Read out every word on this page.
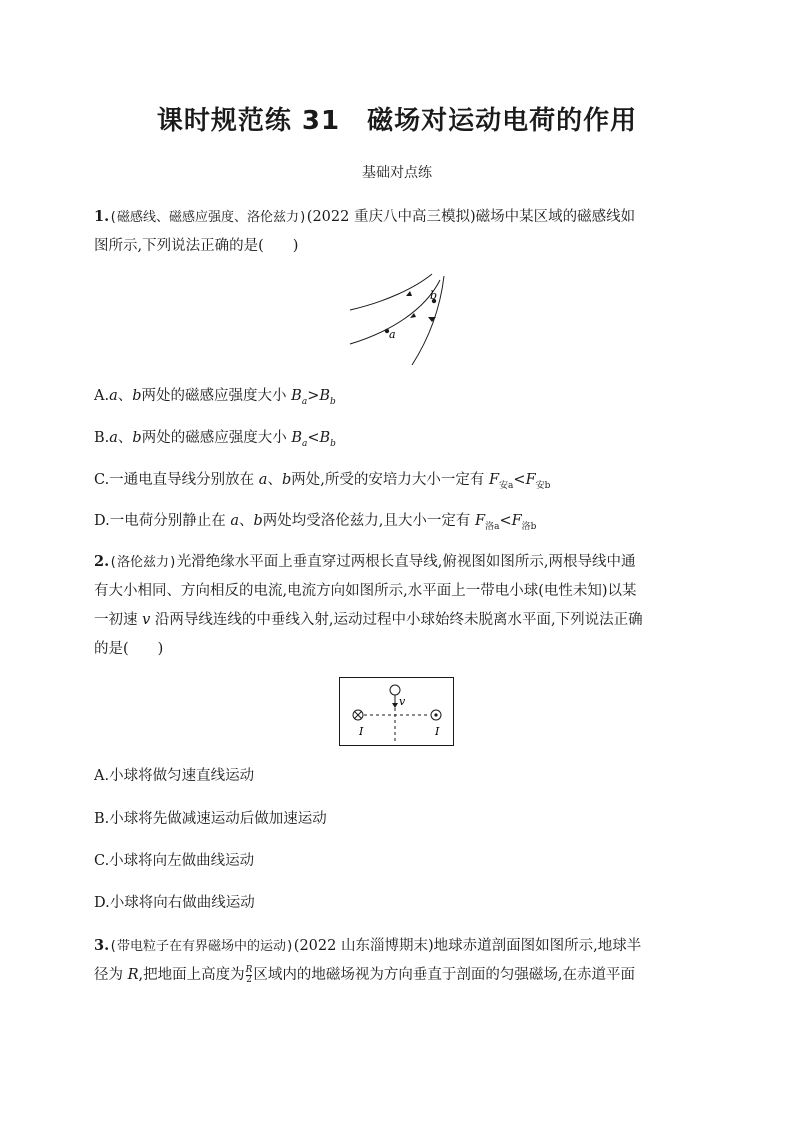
课时规范练 31　磁场对运动电荷的作用
基础对点练
1.(磁感线、磁感应强度、洛伦兹力)(2022 重庆八中高三模拟)磁场中某区域的磁感线如
图所示,下列说法正确的是(　　)
a
b
A.a、b两处的磁感应强度大小 $B_a>B_b$
B.a、b两处的磁感应强度大小 $B_a<B_b$
C.一通电直导线分别放在 a、b两处,所受的安培力大小一定有 $F_{安a}<F_{安b}$
D.一电荷分别静止在 a、b两处均受洛伦兹力,且大小一定有 $F_{洛a}<F_{洛b}$
2.(洛伦兹力)光滑绝缘水平面上垂直穿过两根长直导线,俯视图如图所示,两根导线中通
有大小相同、方向相反的电流,电流方向如图所示,水平面上一带电小球(电性未知)以某
一初速 v 沿两导线连线的中垂线入射,运动过程中小球始终未脱离水平面,下列说法正确
的是(　　)
v
I	I
A.小球将做匀速直线运动
B.小球将先做减速运动后做加速运动
C.小球将向左做曲线运动
D.小球将向右做曲线运动
3.(带电粒子在有界磁场中的运动)(2022 山东淄博期末)地球赤道剖面图如图所示,地球半
径为 R,把地面上高度为 $\frac{R}{2}$ 区域内的地磁场视为方向垂直于剖面的匀强磁场,在赤道平面
